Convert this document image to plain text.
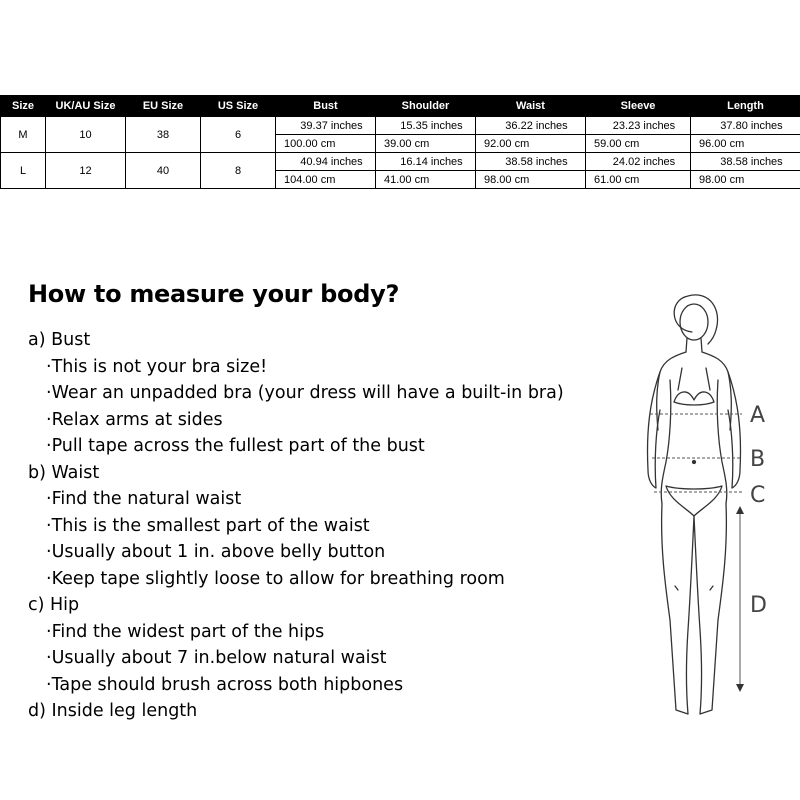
Size	UK/AU Size	EU Size	US Size	Bust	Shoulder	Waist	Sleeve	Length
M	10	38	6	39.37 inches	15.35 inches	36.22 inches	23.23 inches	37.80 inches
				100.00 cm	39.00 cm	92.00 cm	59.00 cm	96.00 cm
L	12	40	8	40.94 inches	16.14 inches	38.58 inches	24.02 inches	38.58 inches
				104.00 cm	41.00 cm	98.00 cm	61.00 cm	98.00 cm
How to measure your body?
a) Bust
·This is not your bra size!
·Wear an unpadded bra (your dress will have a built-in bra)
·Relax arms at sides
·Pull tape across the fullest part of the bust
b) Waist
·Find the natural waist
·This is the smallest part of the waist
·Usually about 1 in. above belly button
·Keep tape slightly loose to allow for breathing room
c) Hip
·Find the widest part of the hips
·Usually about 7 in.below natural waist
·Tape should brush across both hipbones
d) Inside leg length
A
B
C
D
